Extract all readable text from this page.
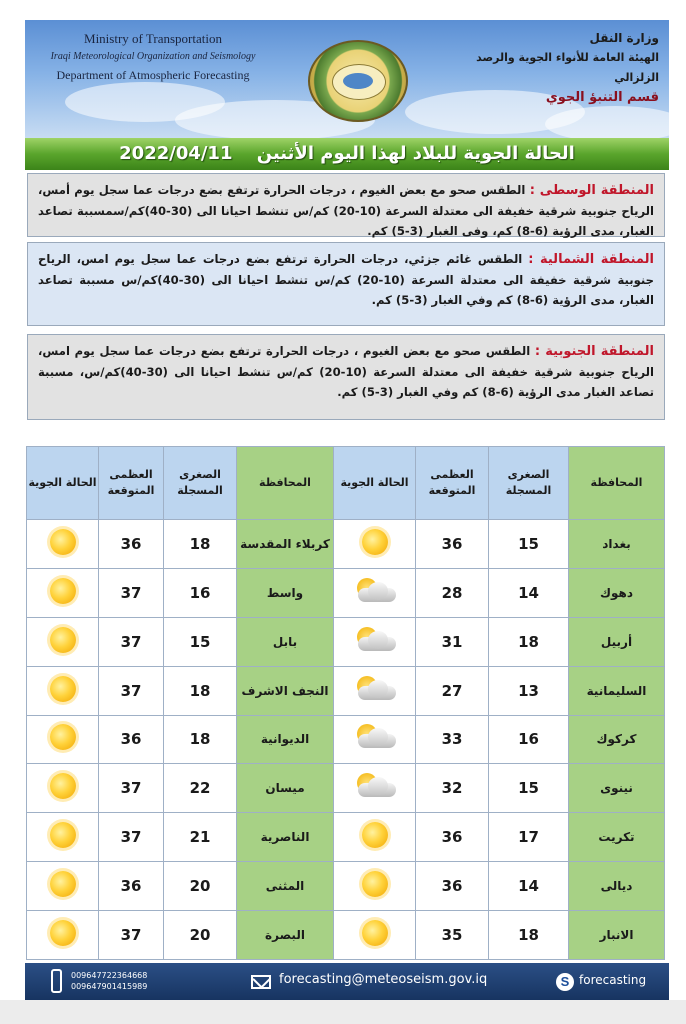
Ministry of Transportation
Iraqi Meteorological Organization and Seismology
Department of Atmospheric Forecasting
وزارة النقل
الهيئة العامة للأنواء الجوية والرصد الزلزالي
قسم التنبؤ الجوي
الحالة الجوية للبلاد لهذا اليوم الأثنين 2022/04/11
المنطقة الوسطى : الطقس صحو مع بعض الغيوم ، درجات الحرارة ترتفع بضع درجات عما سجل يوم أمس، الرياح جنوبية شرقية خفيفة الى معتدلة السرعة (10-20) كم/س تنشط احيانا الى (30-40)كم/سمسببة تصاعد الغبار، مدى الرؤية (6-8) كم، وفى الغبار (3-5) كم.
المنطقة الشمالية : الطقس غائم جزئي، درجات الحرارة ترتفع بضع درجات عما سجل يوم امس، الرياح جنوبية شرقية خفيفة الى معتدلة السرعة (10-20) كم/س تنشط احيانا الى (30-40)كم/س مسببة تصاعد الغبار، مدى الرؤية (6-8) كم وفي الغبار (3-5) كم.
المنطقة الجنوبية : الطقس صحو مع بعض الغيوم ، درجات الحرارة ترتفع بضع درجات عما سجل يوم امس، الرياح جنوبية شرقية خفيفة الى معتدلة السرعة (10-20) كم/س تنشط احيانا الى (30-40)كم/س، مسببة تصاعد الغبار مدى الرؤية (6-8) كم وفي الغبار (3-5) كم.
المحافظة	الصغرى المسجلة	العظمى المتوقعة	الحالة الجوية	المحافظة	الصغرى المسجلة	العظمى المتوقعة	الحالة الجوية
بغداد	15	36		كربلاء المقدسة	18	36	
دهوك	14	28		واسط	16	37	
أربيل	18	31		بابل	15	37	
السليمانية	13	27		النجف الاشرف	18	37	
كركوك	16	33		الديوانية	18	36	
نينوى	15	32		ميسان	22	37	
تكريت	17	36		الناصرية	21	37	
ديالى	14	36		المثنى	20	36	
الانبار	18	35		البصرة	20	37	
009647722364668
009647901415989	forecasting@meteoseism.gov.iq	S forecasting
